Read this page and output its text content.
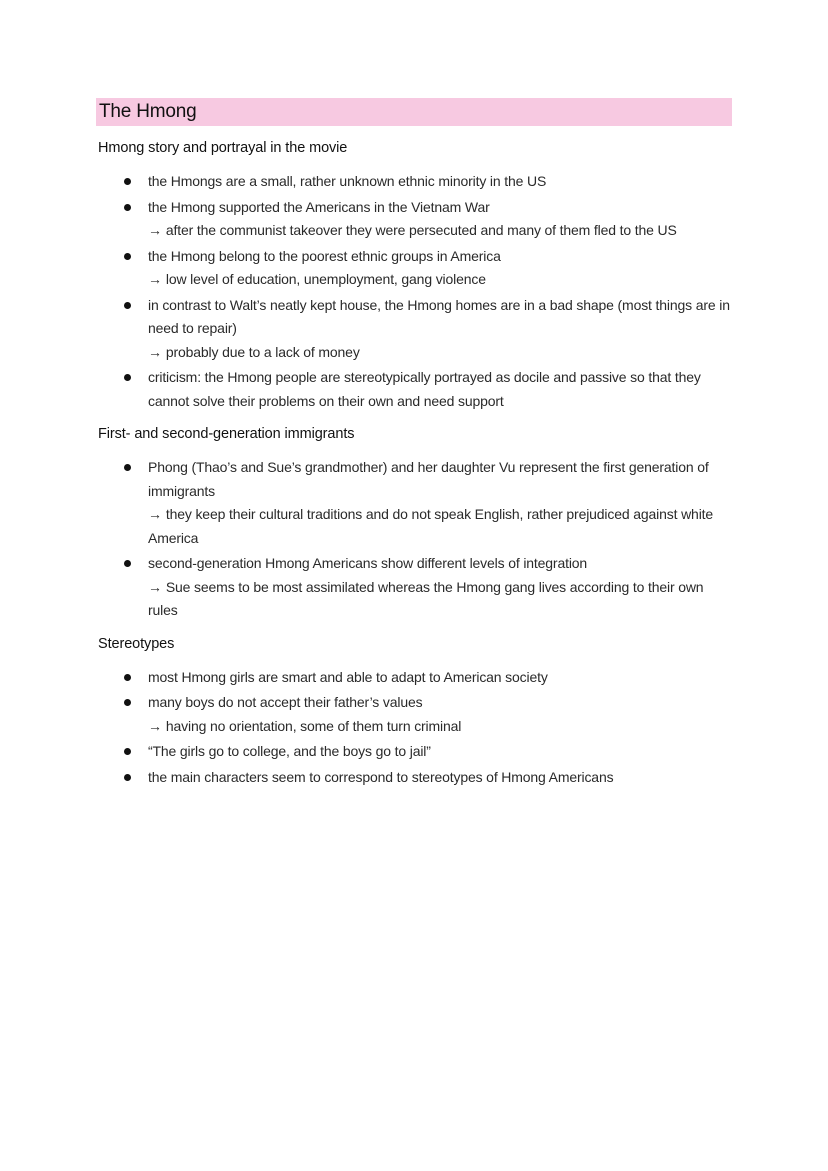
The Hmong
Hmong story and portrayal in the movie
the Hmongs are a small, rather unknown ethnic minority in the US
the Hmong supported the Americans in the Vietnam War
→ after the communist takeover they were persecuted and many of them fled to the US
the Hmong belong to the poorest ethnic groups in America
→ low level of education, unemployment, gang violence
in contrast to Walt’s neatly kept house, the Hmong homes are in a bad shape (most things are in need to repair)
→ probably due to a lack of money
criticism: the Hmong people are stereotypically portrayed as docile and passive so that they cannot solve their problems on their own and need support
First- and second-generation immigrants
Phong (Thao’s and Sue’s grandmother) and her daughter Vu represent the first generation of immigrants
→ they keep their cultural traditions and do not speak English, rather prejudiced against white America
second-generation Hmong Americans show different levels of integration
→ Sue seems to be most assimilated whereas the Hmong gang lives according to their own rules
Stereotypes
most Hmong girls are smart and able to adapt to American society
many boys do not accept their father’s values
→ having no orientation, some of them turn criminal
“The girls go to college, and the boys go to jail”
the main characters seem to correspond to stereotypes of Hmong Americans
